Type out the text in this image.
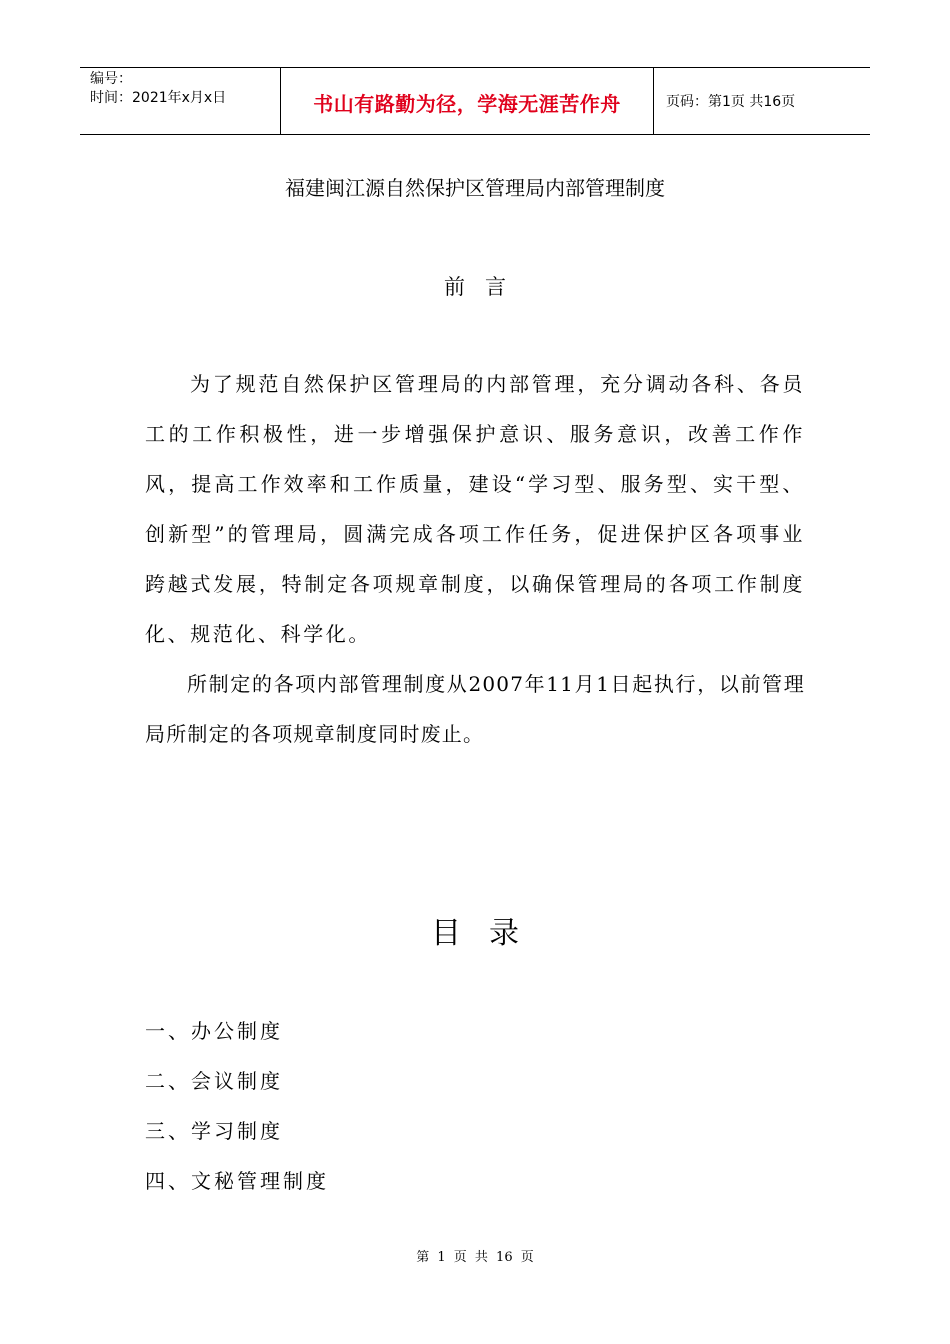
编号：
时间：2021年x月x日	书山有路勤为径，学海无涯苦作舟	页码：第1页 共16页
福建闽江源自然保护区管理局内部管理制度
前言

为了规范自然保护区管理局的内部管理，充分调动各科、各员工的工作积极性，进一步增强保护意识、服务意识，改善工作作风，提高工作效率和工作质量，建设“学习型、服务型、实干型、创新型”的管理局，圆满完成各项工作任务，促进保护区各项事业跨越式发展，特制定各项规章制度，以确保管理局的各项工作制度化、规范化、科学化。

所制定的各项内部管理制度从2007年11月1日起执行，以前管理局所制定的各项规章制度同时废止。

目录
一、办公制度
二、会议制度
三、学习制度
四、文秘管理制度
第 1 页 共 16 页
